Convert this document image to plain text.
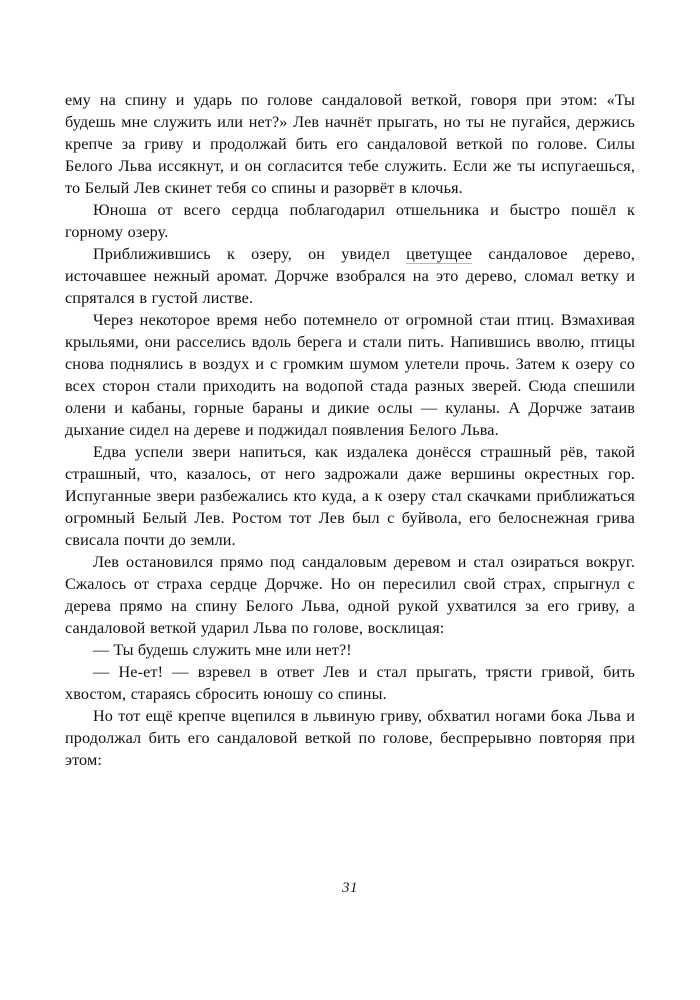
ему на спину и ударь по голове сандаловой веткой, говоря при этом: «Ты будешь мне служить или нет?» Лев начнёт прыгать, но ты не пугайся, держись крепче за гриву и продолжай бить его сандаловой веткой по голове. Силы Белого Льва иссякнут, и он согласится тебе служить. Если же ты испугаешься, то Белый Лев скинет тебя со спины и разорвёт в клочья.

Юноша от всего сердца поблагодарил отшельника и быстро пошёл к горному озеру.

Приближившись к озеру, он увидел цветущее сандаловое дерево, источавшее нежный аромат. Дорчже взобрался на это дерево, сломал ветку и спрятался в густой листве.

Через некоторое время небо потемнело от огромной стаи птиц. Взмахивая крыльями, они расселись вдоль берега и стали пить. Напившись вволю, птицы снова поднялись в воздух и с громким шумом улетели прочь. Затем к озеру со всех сторон стали приходить на водопой стада разных зверей. Сюда спешили олени и кабаны, горные бараны и дикие ослы — куланы. А Дорчже затаив дыхание сидел на дереве и поджидал появления Белого Льва.

Едва успели звери напиться, как издалека донёсся страшный рёв, такой страшный, что, казалось, от него задрожали даже вершины окрестных гор. Испуганные звери разбежались кто куда, а к озеру стал скачками приближаться огромный Белый Лев. Ростом тот Лев был с буйвола, его белоснежная грива свисала почти до земли.

Лев остановился прямо под сандаловым деревом и стал озираться вокруг. Сжалось от страха сердце Дорчже. Но он пересилил свой страх, спрыгнул с дерева прямо на спину Белого Льва, одной рукой ухватился за его гриву, а сандаловой веткой ударил Льва по голове, восклицая:

— Ты будешь служить мне или нет?!

— Не-ет! — взревел в ответ Лев и стал прыгать, трясти гривой, бить хвостом, стараясь сбросить юношу со спины.

Но тот ещё крепче вцепился в львиную гриву, обхватил ногами бока Льва и продолжал бить его сандаловой веткой по голове, беспрерывно повторяя при этом:

31
